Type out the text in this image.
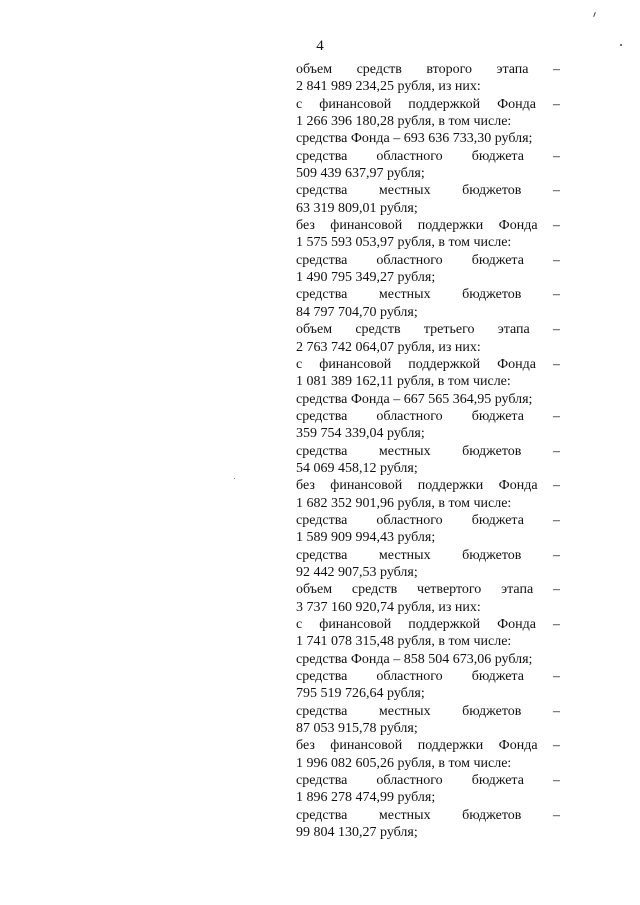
4
объем средств второго этапа –
2 841 989 234,25 рубля, из них:
с финансовой поддержкой Фонда –
1 266 396 180,28 рубля, в том числе:
средства Фонда – 693 636 733,30 рубля;
средства областного бюджета –
509 439 637,97 рубля;
средства местных бюджетов –
63 319 809,01 рубля;
без финансовой поддержки Фонда –
1 575 593 053,97 рубля, в том числе:
средства областного бюджета –
1 490 795 349,27 рубля;
средства местных бюджетов –
84 797 704,70 рубля;
объем средств третьего этапа –
2 763 742 064,07 рубля, из них:
с финансовой поддержкой Фонда –
1 081 389 162,11 рубля, в том числе:
средства Фонда – 667 565 364,95 рубля;
средства областного бюджета –
359 754 339,04 рубля;
средства местных бюджетов –
54 069 458,12 рубля;
без финансовой поддержки Фонда –
1 682 352 901,96 рубля, в том числе:
средства областного бюджета –
1 589 909 994,43 рубля;
средства местных бюджетов –
92 442 907,53 рубля;
объем средств четвертого этапа –
3 737 160 920,74 рубля, из них:
с финансовой поддержкой Фонда –
1 741 078 315,48 рубля, в том числе:
средства Фонда – 858 504 673,06 рубля;
средства областного бюджета –
795 519 726,64 рубля;
средства местных бюджетов –
87 053 915,78 рубля;
без финансовой поддержки Фонда –
1 996 082 605,26 рубля, в том числе:
средства областного бюджета –
1 896 278 474,99 рубля;
средства местных бюджетов –
99 804 130,27 рубля;
